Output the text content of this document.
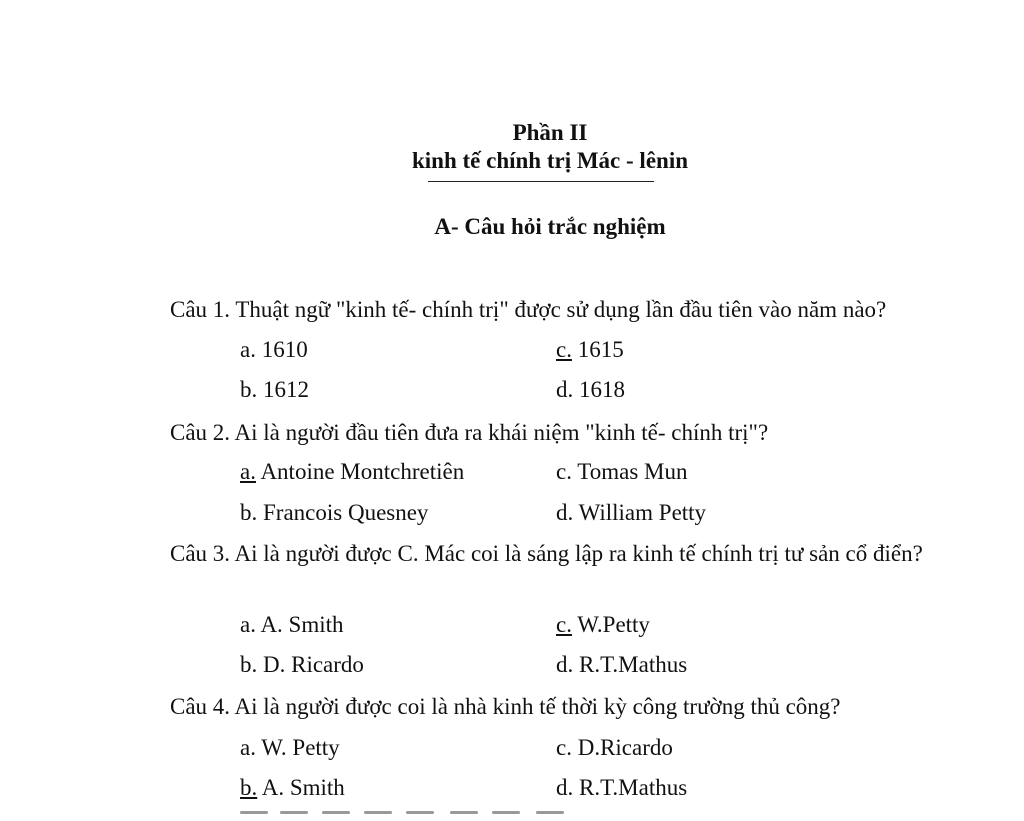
Phần II
kinh tế chính trị Mác - lênin
A- Câu hỏi trắc nghiệm
Câu 1. Thuật ngữ "kinh tế- chính trị" được sử dụng lần đầu tiên vào năm nào?
a. 1610	c. 1615
b. 1612	d. 1618
Câu 2. Ai là người đầu tiên đưa ra khái niệm "kinh tế- chính trị"?
a. Antoine Montchretiên	c. Tomas Mun
b. Francois Quesney	d. William Petty
Câu 3. Ai là người được C. Mác coi là sáng lập ra kinh tế chính trị tư sản cổ điển?
a. A. Smith	c. W.Petty
b. D. Ricardo	d. R.T.Mathus
Câu 4. Ai là người được coi là nhà kinh tế thời kỳ công trường thủ công?
a. W. Petty	c. D.Ricardo
b. A. Smith	d. R.T.Mathus
